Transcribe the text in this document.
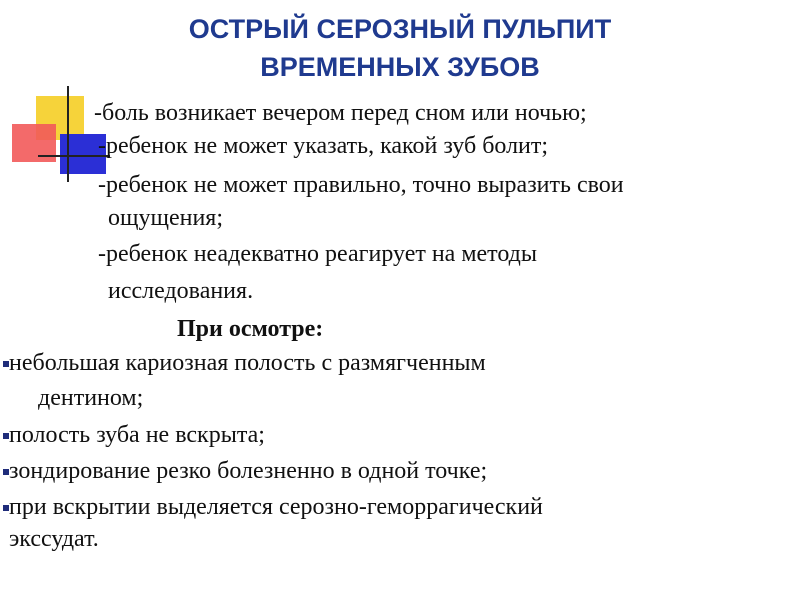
ОСТРЫЙ СЕРОЗНЫЙ ПУЛЬПИТ
ВРЕМЕННЫХ ЗУБОВ
-боль возникает вечером перед сном или ночью;
-ребенок не может указать, какой зуб болит;
-ребенок не может правильно, точно выразить свои
ощущения;
-ребенок неадекватно реагирует на методы
исследования.
При осмотре:
небольшая кариозная полость с размягченным
дентином;
полость зуба не вскрыта;
зондирование резко болезненно в одной точке;
при вскрытии выделяется серозно-геморрагический
экссудат.
